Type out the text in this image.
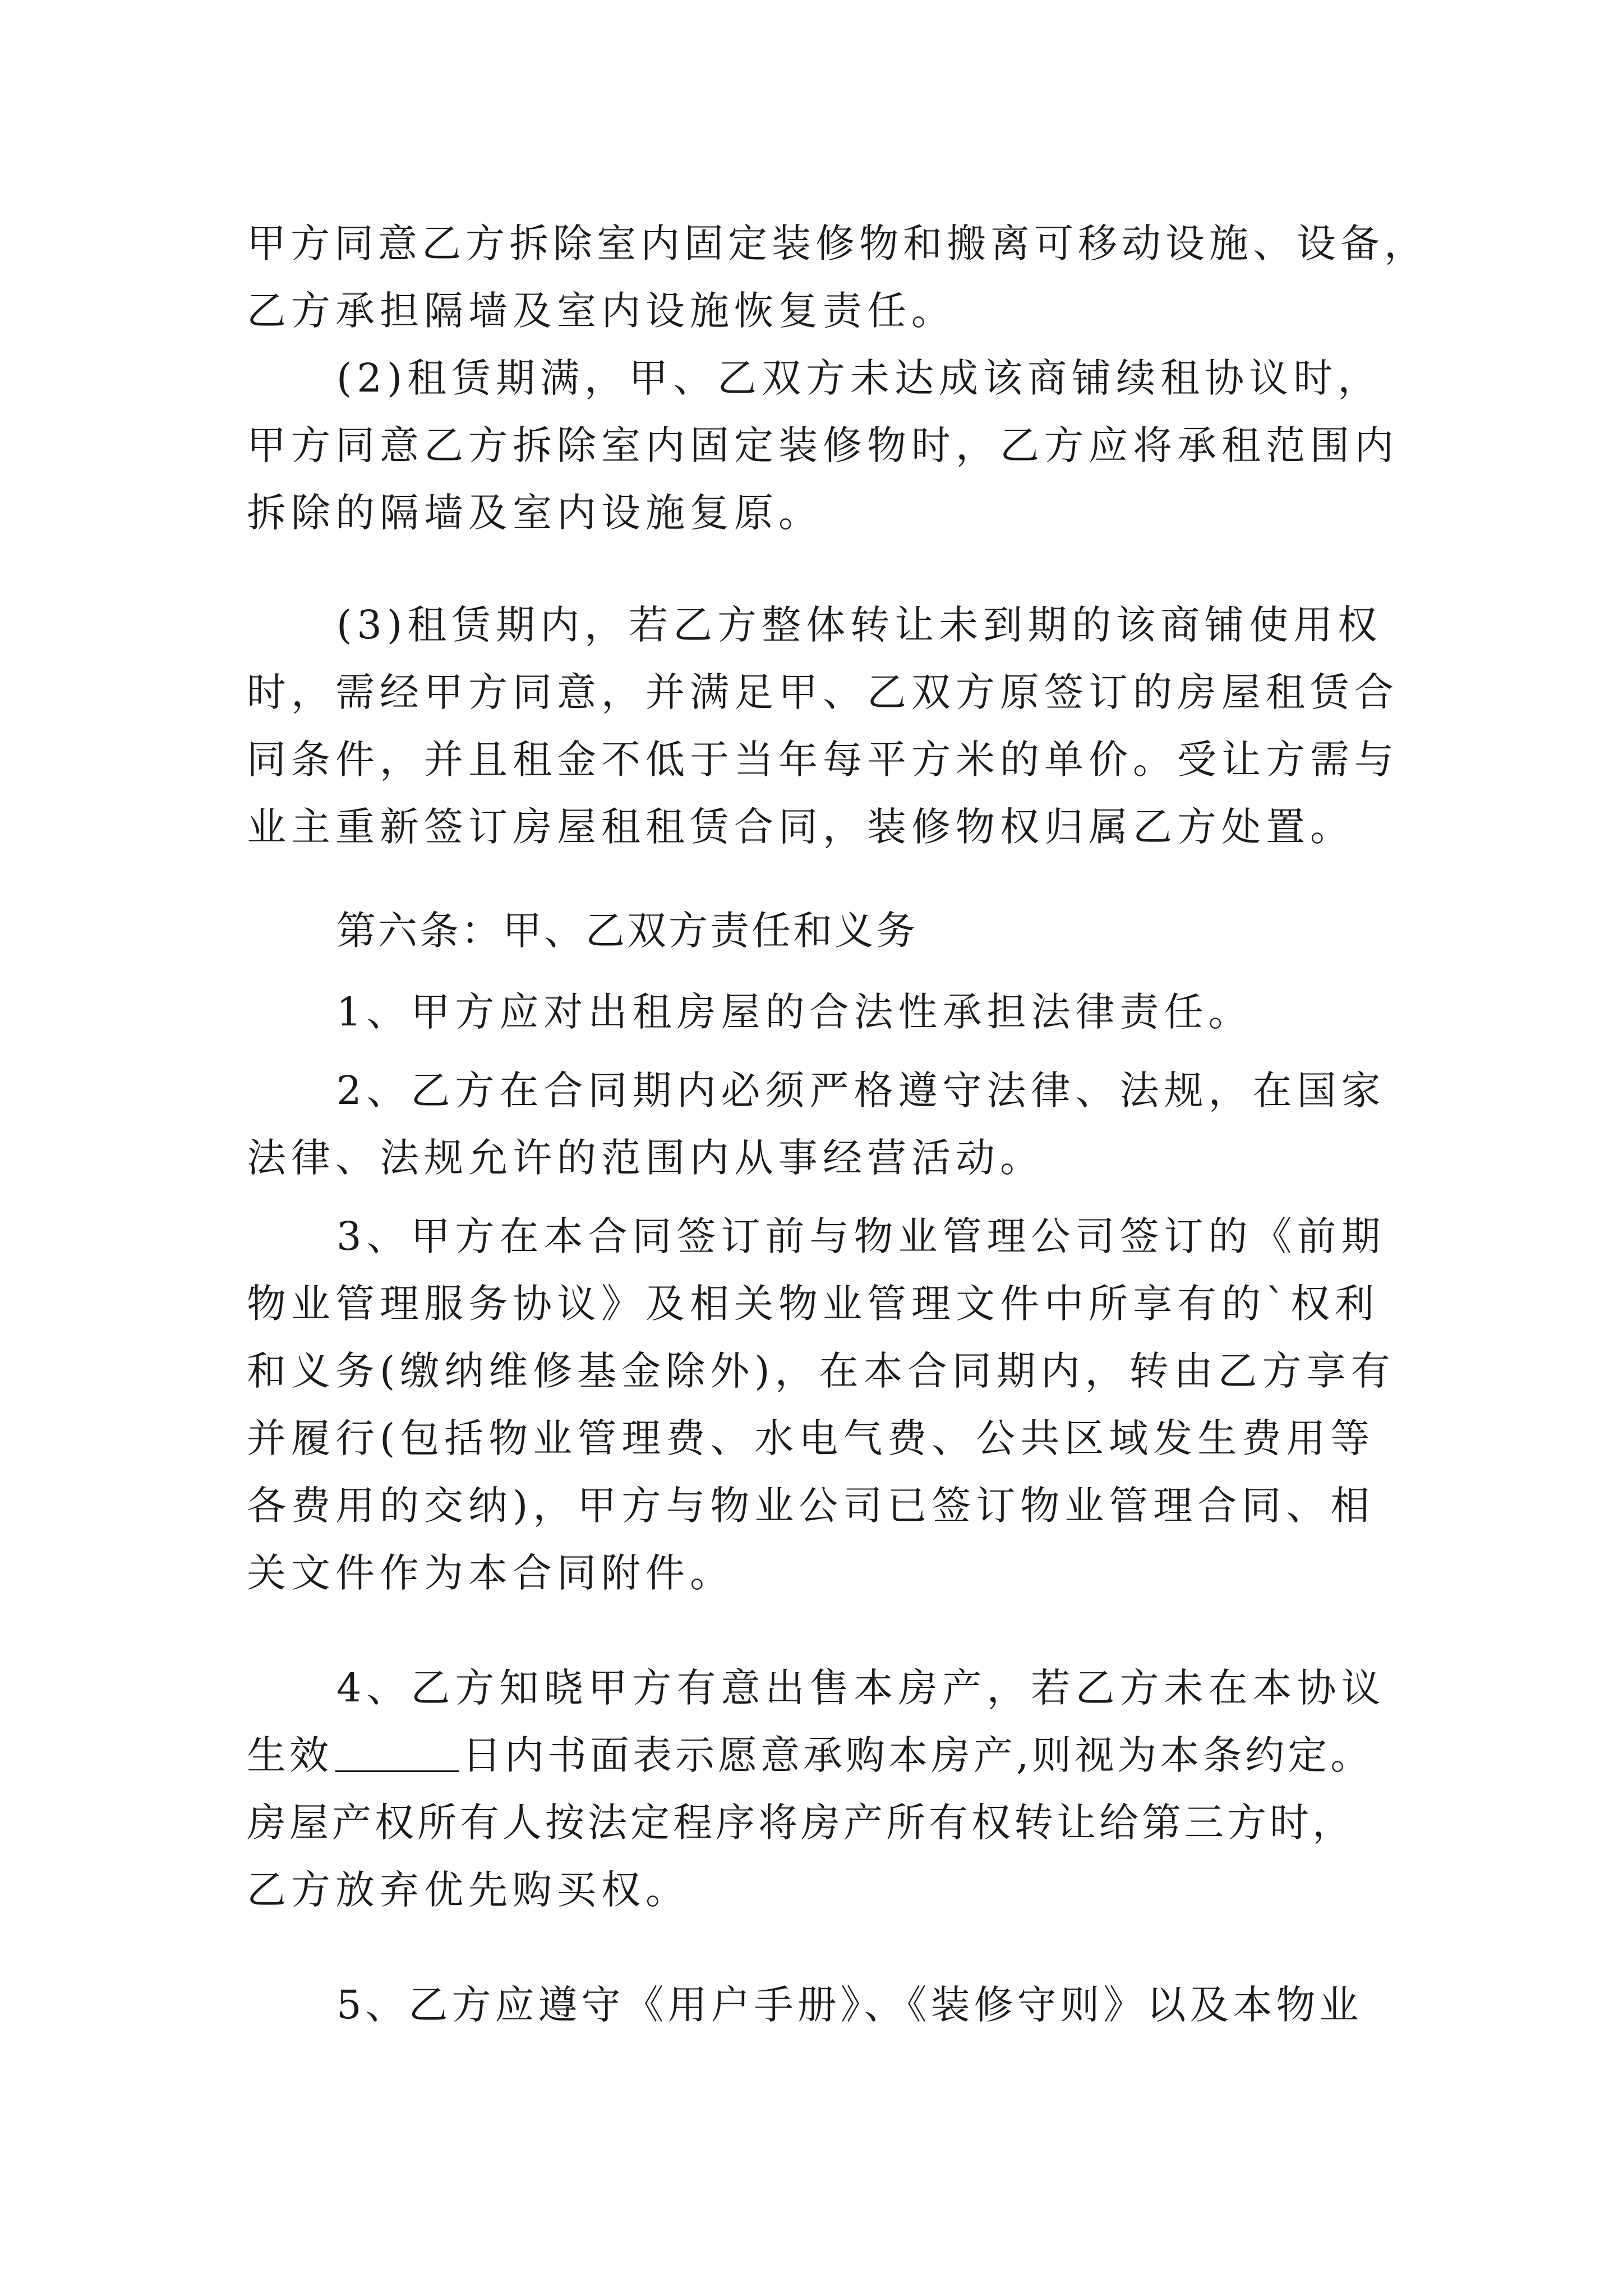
甲方同意乙方拆除室内固定装修物和搬离可移动设施、设备，

乙方承担隔墙及室内设施恢复责任。

(2)租赁期满，甲、乙双方未达成该商铺续租协议时，

甲方同意乙方拆除室内固定装修物时，乙方应将承租范围内

拆除的隔墙及室内设施复原。

(3)租赁期内，若乙方整体转让未到期的该商铺使用权

时，需经甲方同意，并满足甲、乙双方原签订的房屋租赁合

同条件，并且租金不低于当年每平方米的单价。受让方需与

业主重新签订房屋租租赁合同，装修物权归属乙方处置。

第六条：甲、乙双方责任和义务

1、甲方应对出租房屋的合法性承担法律责任。

2、乙方在合同期内必须严格遵守法律、法规，在国家

法律、法规允许的范围内从事经营活动。

3、甲方在本合同签订前与物业管理公司签订的《前期

物业管理服务协议》及相关物业管理文件中所享有的`权利

和义务(缴纳维修基金除外)，在本合同期内，转由乙方享有

并履行(包括物业管理费、水电气费、公共区域发生费用等

各费用的交纳)，甲方与物业公司已签订物业管理合同、相

关文件作为本合同附件。

4、乙方知晓甲方有意出售本房产，若乙方未在本协议

生效	日内书面表示愿意承购本房产,则视为本条约定。

房屋产权所有人按法定程序将房产所有权转让给第三方时，

乙方放弃优先购买权。

5、乙方应遵守《用户手册》、《装修守则》以及本物业
